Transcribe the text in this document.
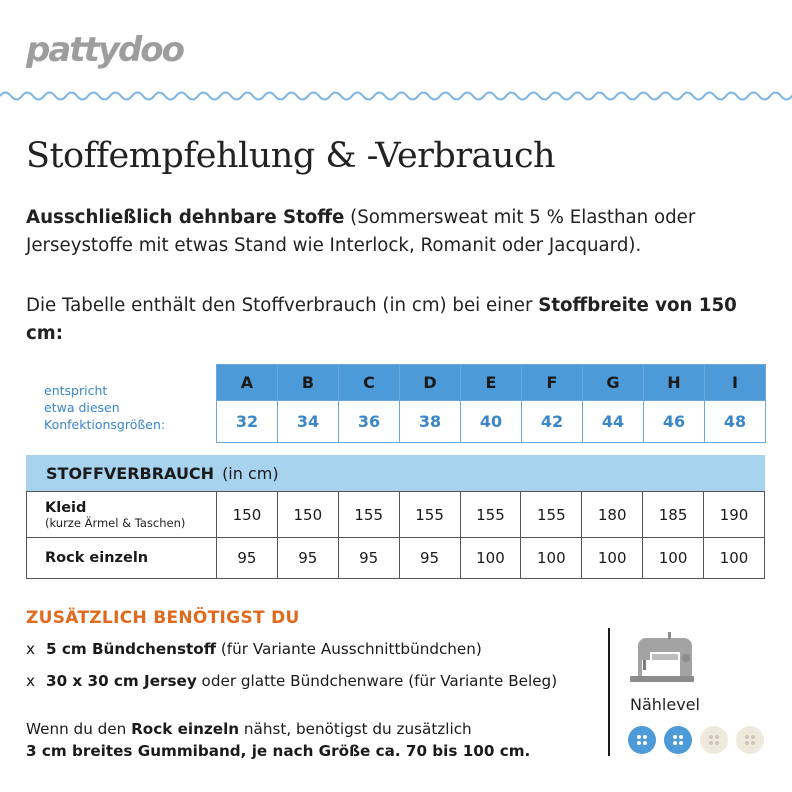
pattydoo
Stoffempfehlung & -Verbrauch
Ausschließlich dehnbare Stoffe (Sommersweat mit 5 % Elasthan oder Jerseystoffe mit etwas Stand wie Interlock, Romanit oder Jacquard).
Die Tabelle enthält den Stoffverbrauch (in cm) bei einer Stoffbreite von 150 cm:
entspricht
etwa diesen
Konfektionsgrößen:
A	B	C	D	E	F	G	H	I
32	34	36	38	40	42	44	46	48
STOFFVERBRAUCH (in cm)
Kleid
(kurze Ärmel & Taschen)	150	150	155	155	155	155	180	185	190

Rock einzeln	95	95	95	95	100	100	100	100	100
ZUSÄTZLICH BENÖTIGST DU
x 5 cm Bündchenstoff (für Variante Ausschnittbündchen)
x 30 x 30 cm Jersey oder glatte Bündchenware (für Variante Beleg)
Wenn du den Rock einzeln nähst, benötigst du zusätzlich
3 cm breites Gummiband, je nach Größe ca. 70 bis 100 cm.
Nählevel
